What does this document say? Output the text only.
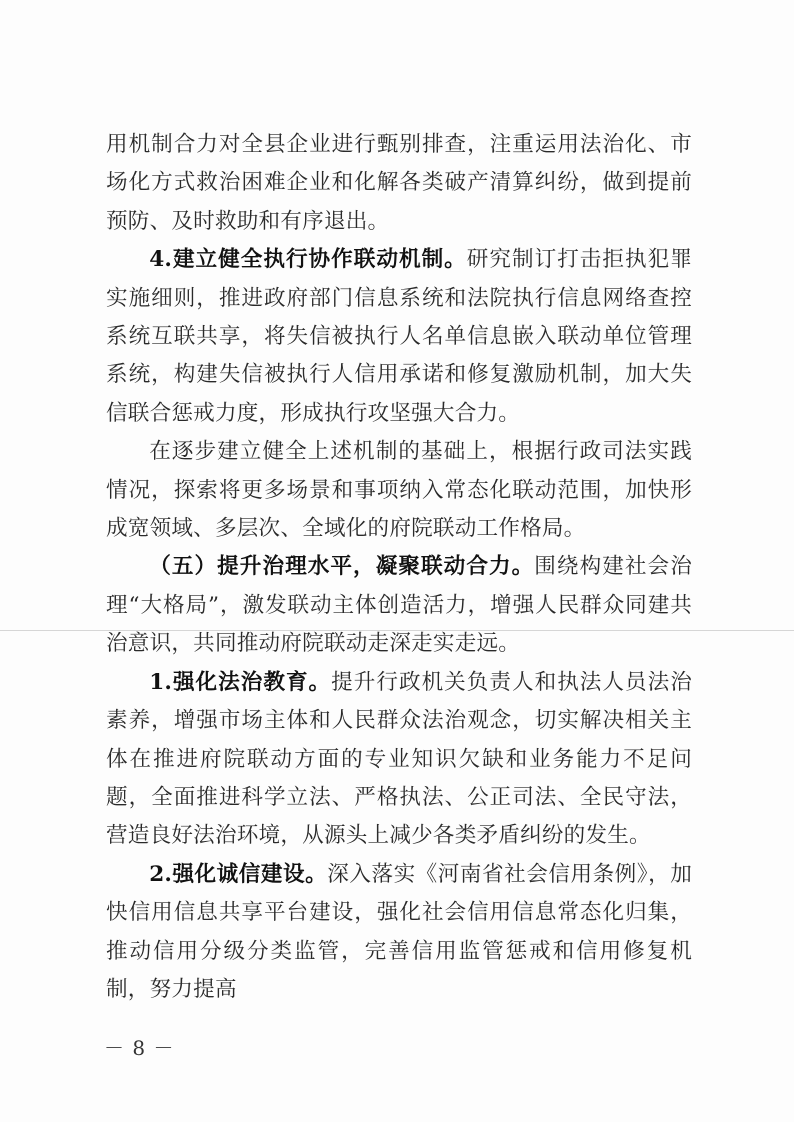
用机制合力对全县企业进行甄别排查，注重运用法治化、市场化方式救治困难企业和化解各类破产清算纠纷，做到提前预防、及时救助和有序退出。

4.建立健全执行协作联动机制。研究制订打击拒执犯罪实施细则，推进政府部门信息系统和法院执行信息网络查控系统互联共享，将失信被执行人名单信息嵌入联动单位管理系统，构建失信被执行人信用承诺和修复激励机制，加大失信联合惩戒力度，形成执行攻坚强大合力。

在逐步建立健全上述机制的基础上，根据行政司法实践情况，探索将更多场景和事项纳入常态化联动范围，加快形成宽领域、多层次、全域化的府院联动工作格局。

（五）提升治理水平，凝聚联动合力。围绕构建社会治理“大格局”，激发联动主体创造活力，增强人民群众同建共治意识，共同推动府院联动走深走实走远。

1.强化法治教育。提升行政机关负责人和执法人员法治素养，增强市场主体和人民群众法治观念，切实解决相关主体在推进府院联动方面的专业知识欠缺和业务能力不足问题，全面推进科学立法、严格执法、公正司法、全民守法，营造良好法治环境，从源头上减少各类矛盾纠纷的发生。

2.强化诚信建设。深入落实《河南省社会信用条例》，加快信用信息共享平台建设，强化社会信用信息常态化归集，推动信用分级分类监管，完善信用监管惩戒和信用修复机制，努力提高

－ 8 －
